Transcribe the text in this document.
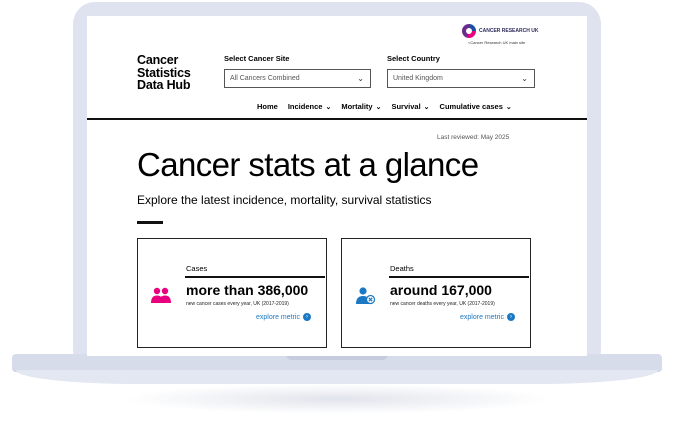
CANCER RESEARCH UK
<Cancer Research UK main site
Cancer Statistics Data Hub
Select Cancer Site
All Cancers Combined	⌄
Select Country
United Kingdom	⌄
Home Incidence ⌄ Mortality ⌄ Survival ⌄ Cumulative cases ⌄
Last reviewed: May 2025
Cancer stats at a glance

Explore the latest incidence, mortality, survival statistics

Cases
more than 386,000
new cancer cases every year, UK (2017-2019)
explore metric	›
Deaths
around 167,000
new cancer deaths every year, UK (2017-2019)
explore metric	›
